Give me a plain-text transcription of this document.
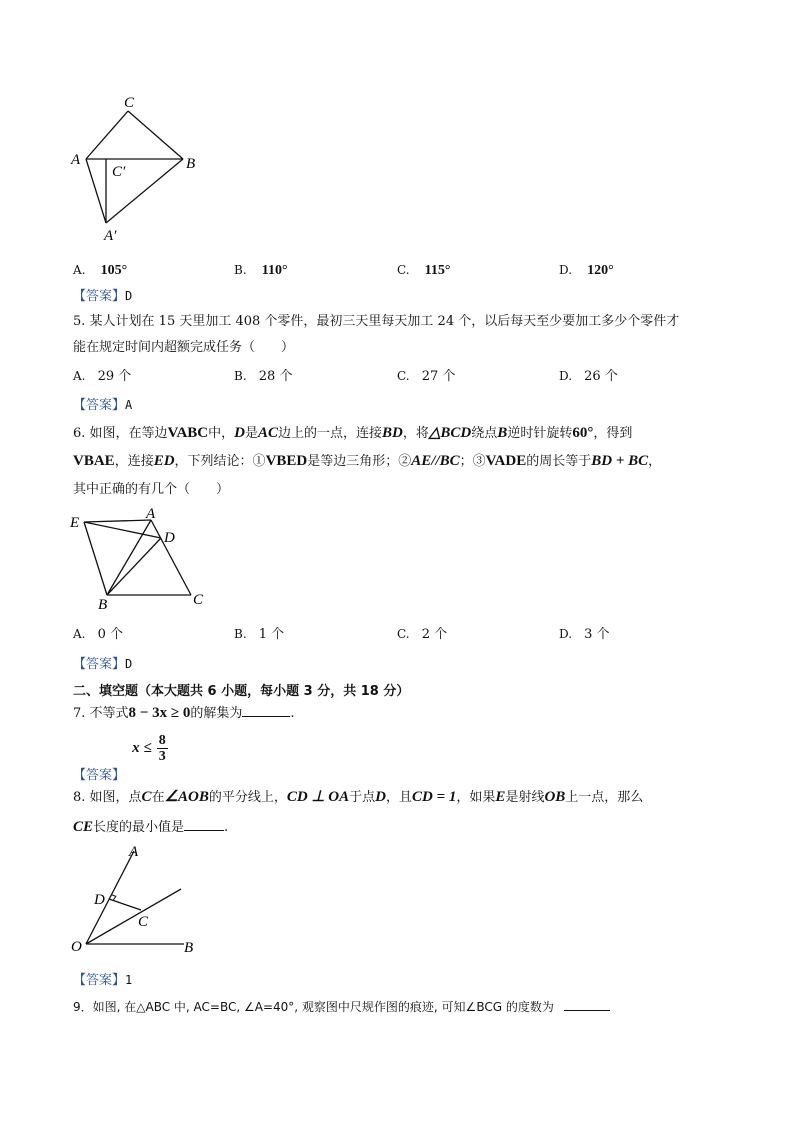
C
A	B
C′
A′
A. 105°	B. 110°	C. 115°	D. 120°
【答案】D
5. 某人计划在 15 天里加工 408 个零件，最初三天里每天加工 24 个，以后每天至少要加工多少个零件才
能在规定时间内超额完成任务（　　）
A. 29 个	B. 28 个	C. 27 个	D. 26 个
【答案】A
6. 如图，在等边VABC中，D是AC边上的一点，连接BD，将△BCD绕点B逆时针旋转60°，得到
VBAE，连接ED，下列结论：①VBED是等边三角形；②AE//BC；③VADE的周长等于BD + BC，
其中正确的有几个（　　）
E
A
D
B	C
A. 0 个	B. 1 个	C. 2 个	D. 3 个
【答案】D
二、填空题（本大题共 6 小题，每小题 3 分，共 18 分）
7. 不等式8 − 3x ≥ 0的解集为	.
$_{【答案】}$ $x \le \frac{8}{3}$
8. 如图，点C在∠AOB的平分线上，CD ⊥ OA于点D，且CD = 1，如果E是射线OB上一点，那么
CE长度的最小值是	.
A
D
C
O	B
【答案】1
9．如图, 在△ABC 中, AC=BC, ∠A=40°, 观察图中尺规作图的痕迹, 可知∠BCG 的度数为
